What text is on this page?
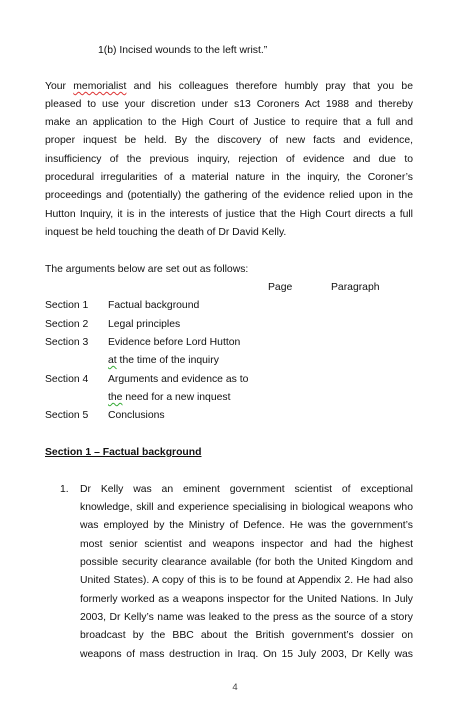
1(b) Incised wounds to the left wrist.”
Your memorialist and his colleagues therefore humbly pray that you be
pleased to use your discretion under s13 Coroners Act 1988 and thereby
make an application to the High Court of Justice to require that a full and
proper inquest be held. By the discovery of new facts and evidence,
insufficiency of the previous inquiry, rejection of evidence and due to
procedural irregularities of a material nature in the inquiry, the Coroner’s
proceedings and (potentially) the gathering of the evidence relied upon in the
Hutton Inquiry, it is in the interests of justice that the High Court directs a full
inquest be held touching the death of Dr David Kelly.
The arguments below are set out as follows:
Page	Paragraph
Section 1 Factual background
Section 2 Legal principles
Section 3 Evidence before Lord Hutton
at the time of the inquiry
Section 4 Arguments and evidence as to
the need for a new inquest
Section 5 Conclusions
Section 1 – Factual background
1. Dr Kelly was an eminent government scientist of exceptional
knowledge, skill and experience specialising in biological weapons who
was employed by the Ministry of Defence. He was the government’s
most senior scientist and weapons inspector and had the highest
possible security clearance available (for both the United Kingdom and
United States). A copy of this is to be found at Appendix 2. He had also
formerly worked as a weapons inspector for the United Nations. In July
2003, Dr Kelly’s name was leaked to the press as the source of a story
broadcast by the BBC about the British government’s dossier on
weapons of mass destruction in Iraq. On 15 July 2003, Dr Kelly was
4
